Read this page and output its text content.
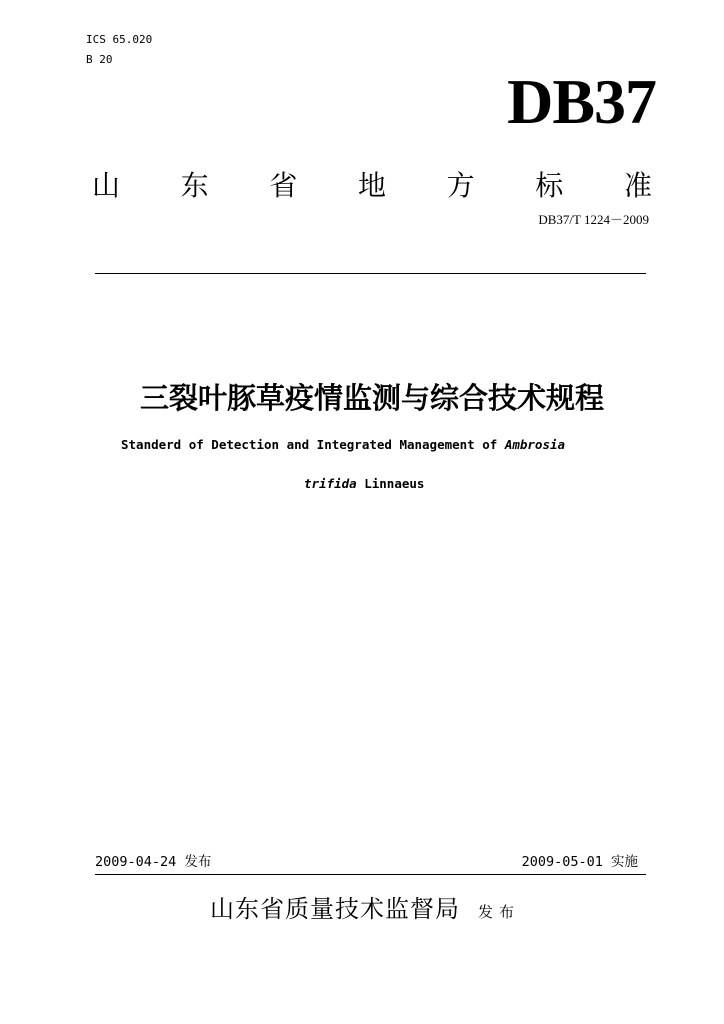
ICS 65.020
B 20
DB37
山 东 省 地 方 标 准
DB37/T 1224－2009
三裂叶豚草疫情监测与综合技术规程
Standerd of Detection and Integrated Management of Ambrosia
trifida Linnaeus
2009-04-24 发布	2009-05-01 实施
山东省质量技术监督局 发布
